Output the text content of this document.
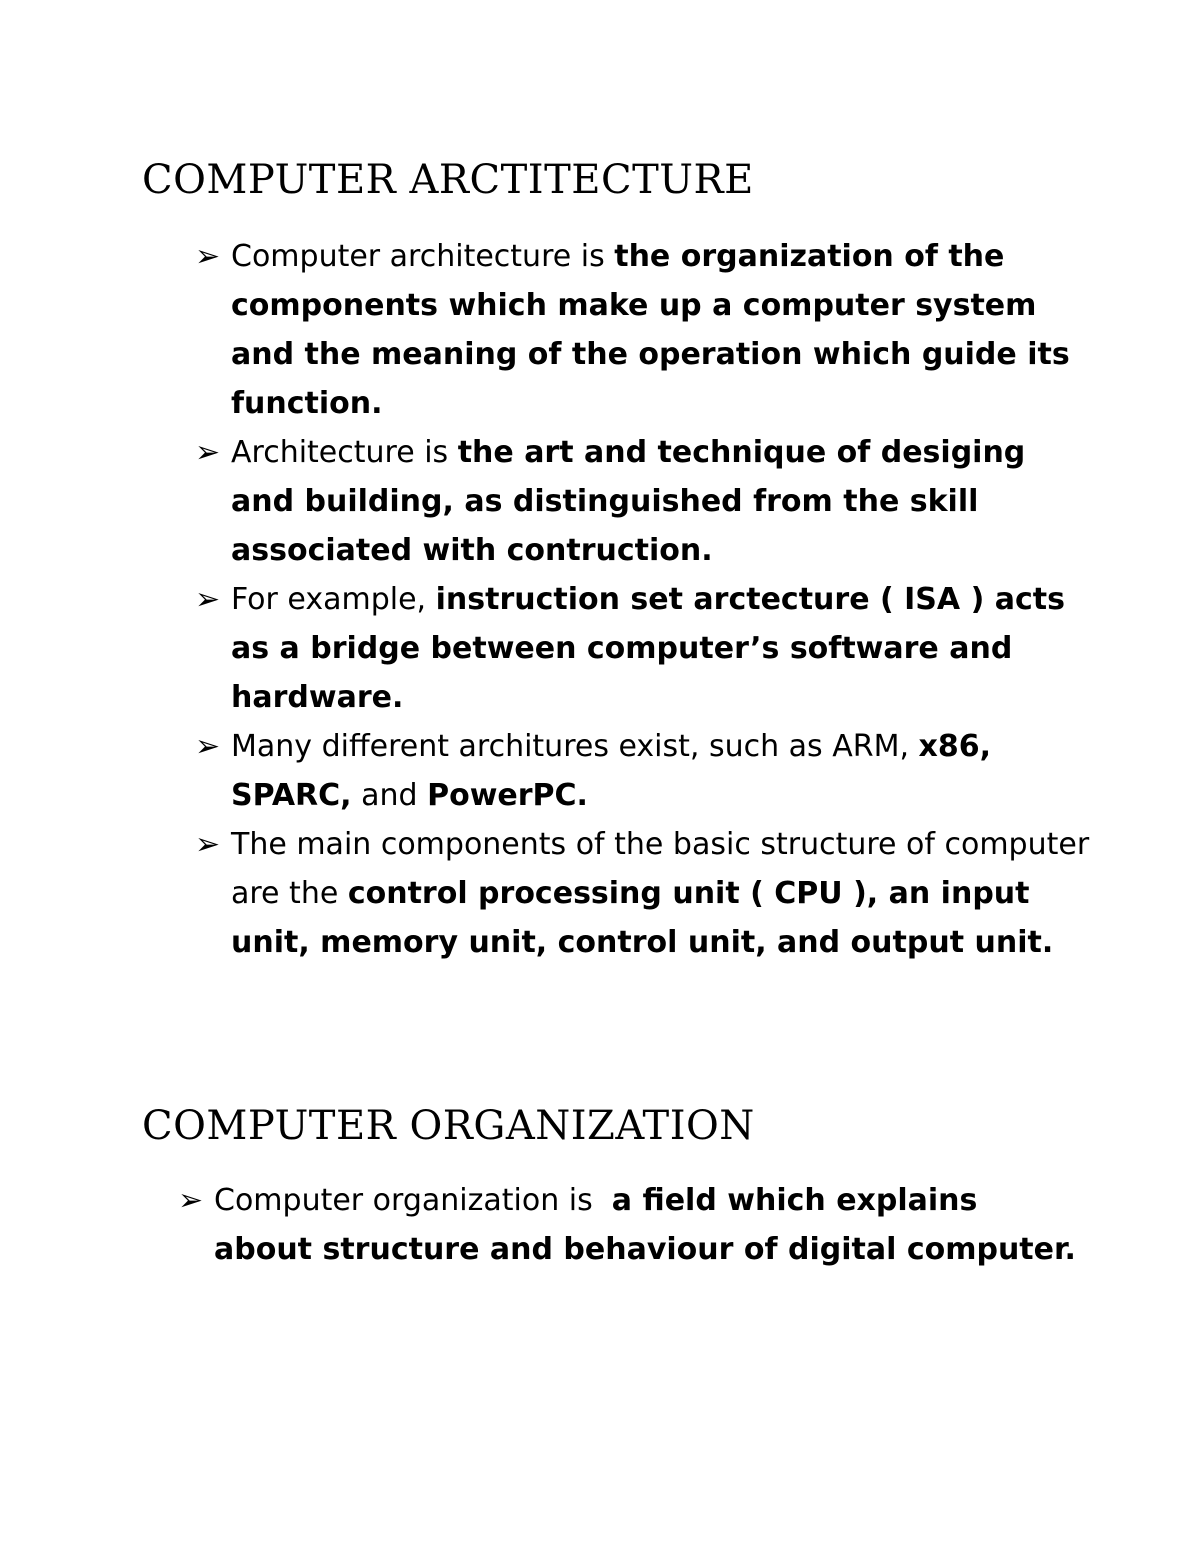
COMPUTER ARCTITECTURE
➢ Computer architecture is the organization of the components which make up a computer system and the meaning of the operation which guide its function.
➢ Architecture is the art and technique of desiging and building, as distinguished from the skill associated with contruction.
➢ For example, instruction set arctecture ( ISA ) acts as a bridge between computer’s software and hardware.
➢ Many different architures exist, such as ARM, x86, SPARC, and PowerPC.
➢ The main components of the basic structure of computer are the control processing unit ( CPU ), an input unit, memory unit, control unit, and output unit.
COMPUTER ORGANIZATION
➢ Computer organization is  a field which explains about structure and behaviour of digital computer.
